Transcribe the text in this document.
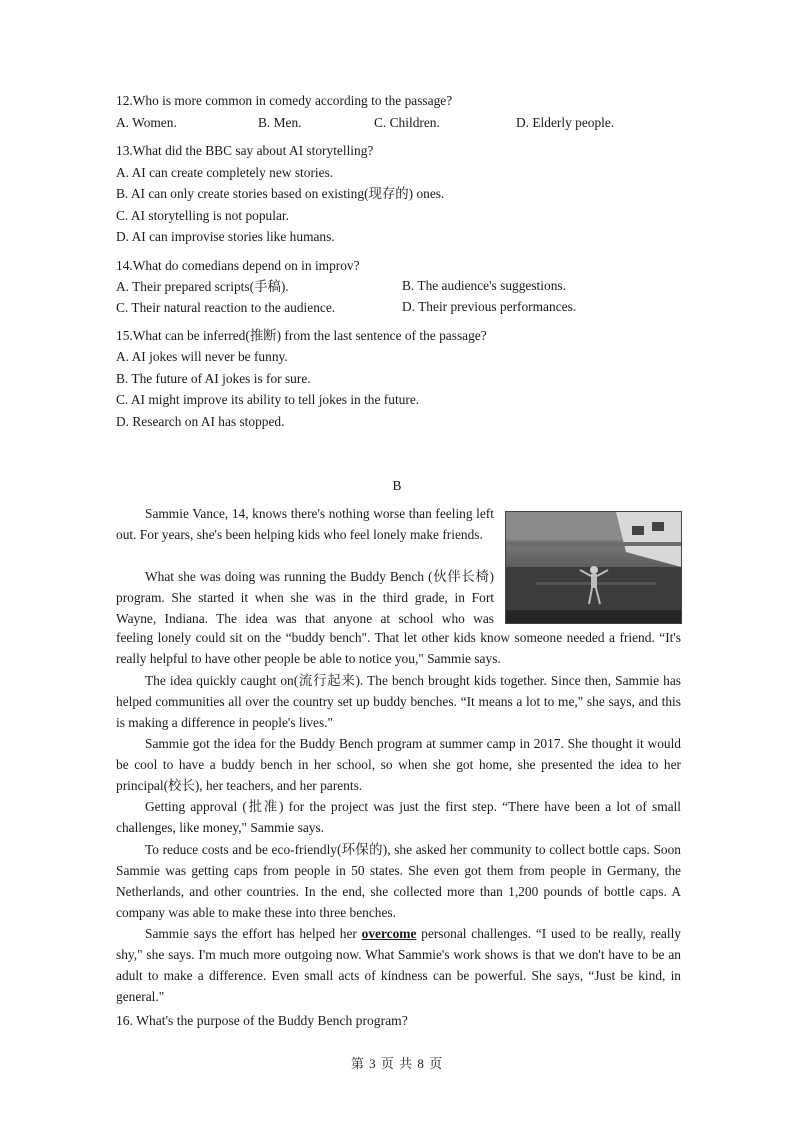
12.Who is more common in comedy according to the passage?
A. Women.	B. Men.	C. Children.	D. Elderly people.
13.What did the BBC say about AI storytelling?
A. AI can create completely new stories.
B. AI can only create stories based on existing(现存的) ones.
C. AI storytelling is not popular.
D. AI can improvise stories like humans.
14.What do comedians depend on in improv?
A. Their prepared scripts(手稿).	B. The audience's suggestions.
C. Their natural reaction to the audience.	D. Their previous performances.
15.What can be inferred(推断) from the last sentence of the passage?
A. AI jokes will never be funny.
B. The future of AI jokes is for sure.
C. AI might improve its ability to tell jokes in the future.
D. Research on AI has stopped.
B

Sammie Vance, 14, knows there's nothing worse than feeling left out. For years, she's been helping kids who feel lonely make friends.

What she was doing was running the Buddy Bench (伙伴长椅) program. She started it when she was in the third grade, in Fort Wayne, Indiana. The idea was that anyone at school who was

feeling lonely could sit on the “buddy bench". That let other kids know someone needed a friend. “It's really helpful to have other people be able to notice you," Sammie says.

The idea quickly caught on(流行起来). The bench brought kids together. Since then, Sammie has helped communities all over the country set up buddy benches. “It means a lot to me," she says, and this is making a difference in people's lives."

Sammie got the idea for the Buddy Bench program at summer camp in 2017. She thought it would be cool to have a buddy bench in her school, so when she got home, she presented the idea to her principal(校长), her teachers, and her parents.

Getting approval (批准) for the project was just the first step. “There have been a lot of small challenges, like money," Sammie says.

To reduce costs and be eco-friendly(环保的), she asked her community to collect bottle caps. Soon Sammie was getting caps from people in 50 states. She even got them from people in Germany, the Netherlands, and other countries. In the end, she collected more than 1,200 pounds of bottle caps. A company was able to make these into three benches.

Sammie says the effort has helped her overcome personal challenges. “I used to be really, really shy," she says. I'm much more outgoing now. What Sammie's work shows is that we don't have to be an adult to make a difference. Even small acts of kindness can be powerful. She says, “Just be kind, in general."

16. What's the purpose of the Buddy Bench program?
第 3 页 共 8 页
